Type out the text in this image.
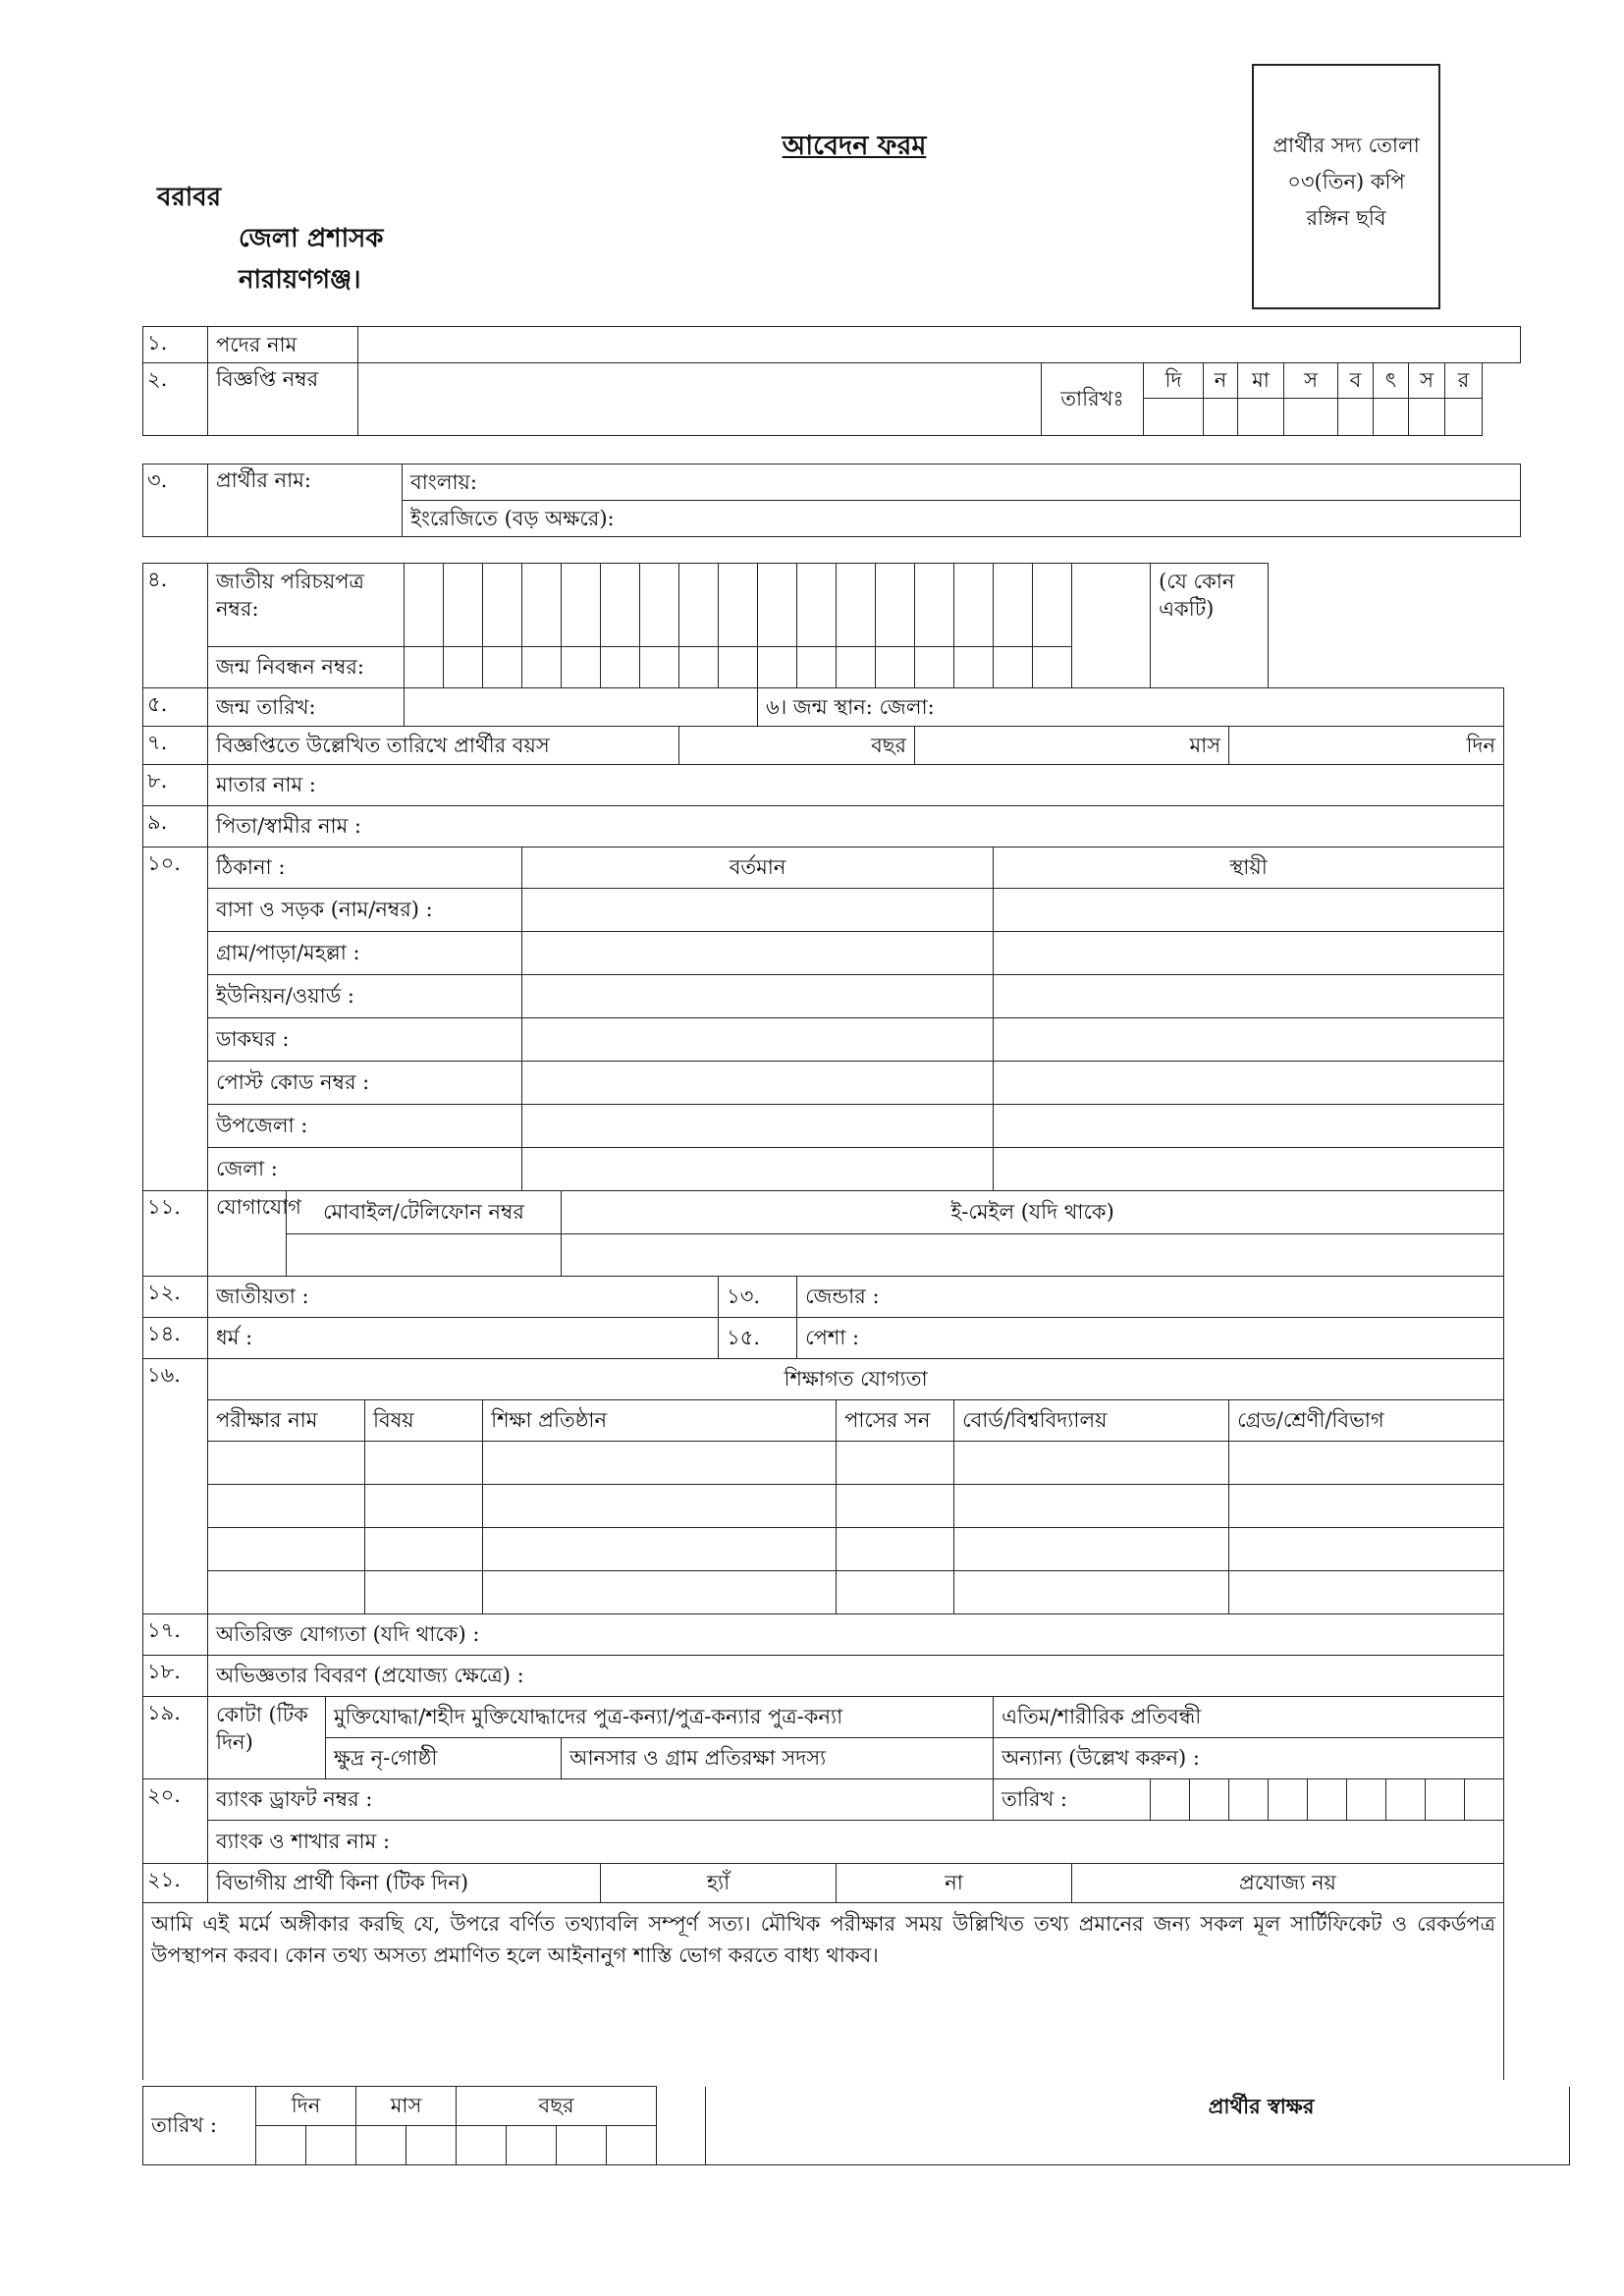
আবেদন ফরম
বরাবর
জেলা প্রশাসক
নারায়ণগঞ্জ।
প্রার্থীর সদ্য তোলা
০৩(তিন) কপি
রঙ্গিন ছবি
১.	পদের নাম										
২.	বিজ্ঞপ্তি নম্বর		তারিখঃ	দি	ন	মা	স	ব	ৎ	স	র

৩.	প্রার্থীর নাম:	বাংলায়:
ইংরেজিতে (বড় অক্ষরে):
৪.	জাতীয় পরিচয়পত্র নম্বর:																						(যে কোন একটি)								
	জন্ম নিবন্ধন নম্বর:																														
৫.	জন্ম তারিখ:													৬। জন্ম স্থান: জেলা:																	
৭.	বিজ্ঞপ্তিতে উল্লেখিত তারিখে প্রার্থীর বয়স											বছর						মাস							দিন						
৮.	মাতার নাম :																														
৯.	পিতা/স্বামীর নাম :																														
১০.	ঠিকানা :							বর্তমান												স্থায়ী											
	বাসা ও সড়ক (নাম/নম্বর) :																														
	গ্রাম/পাড়া/মহল্লা :																														
	ইউনিয়ন/ওয়ার্ড :																														
	ডাকঘর :																														
	পোস্ট কোড নম্বর :																														
	উপজেলা :																														
	জেলা :																														
১১.	যোগাযোগ	মোবাইল/টেলিফোন নম্বর							ই-মেইল (যদি থাকে)																						

১২.	জাতীয়তা :												১৩.		জেন্ডার :																
১৪.	ধর্ম :												১৫.		পেশা :																
১৬.	শিক্ষাগত যোগ্যতা																														
	পরীক্ষার নাম			বিষয়			শিক্ষা প্রতিষ্ঠান									পাসের সন			বোর্ড/বিশ্ববিদ্যালয়						গ্রেড/শ্রেণী/বিভাগ						

১৭.	অতিরিক্ত যোগ্যতা (যদি থাকে) :																														
১৮.	অভিজ্ঞতার বিবরণ (প্রযোজ্য ক্ষেত্রে) :																														
১৯.	কোটা (টিক দিন)		মুক্তিযোদ্ধা/শহীদ মুক্তিযোদ্ধাদের পুত্র-কন্যা/পুত্র-কন্যার পুত্র-কন্যা																	এতিম/শারীরিক প্রতিবন্ধী											
			ক্ষুদ্র নৃ-গোষ্ঠী						আনসার ও গ্রাম প্রতিরক্ষা সদস্য											অন্যান্য (উল্লেখ করুন) :											
২০.	ব্যাংক ড্রাফট নম্বর :																			তারিখ :											
	ব্যাংক ও শাখার নাম :																														
২১.	বিভাগীয় প্রার্থী কিনা (টিক দিন)									হ্যাঁ						না						প্রযোজ্য নয়									
আমি এই মর্মে অঙ্গীকার করছি যে, উপরে বর্ণিত তথ্যাবলি সম্পূর্ণ সত্য। মৌখিক পরীক্ষার সময় উল্লিখিত তথ্য প্রমানের জন্য সকল মূল সার্টিফিকেট ও রেকর্ডপত্র উপস্থাপন করব। কোন তথ্য অসত্য প্রমাণিত হলে আইনানুগ শাস্তি ভোগ করতে বাধ্য থাকব।																															
তারিখ :	দিন		মাস		বছর					প্রার্থীর স্বাক্ষর
